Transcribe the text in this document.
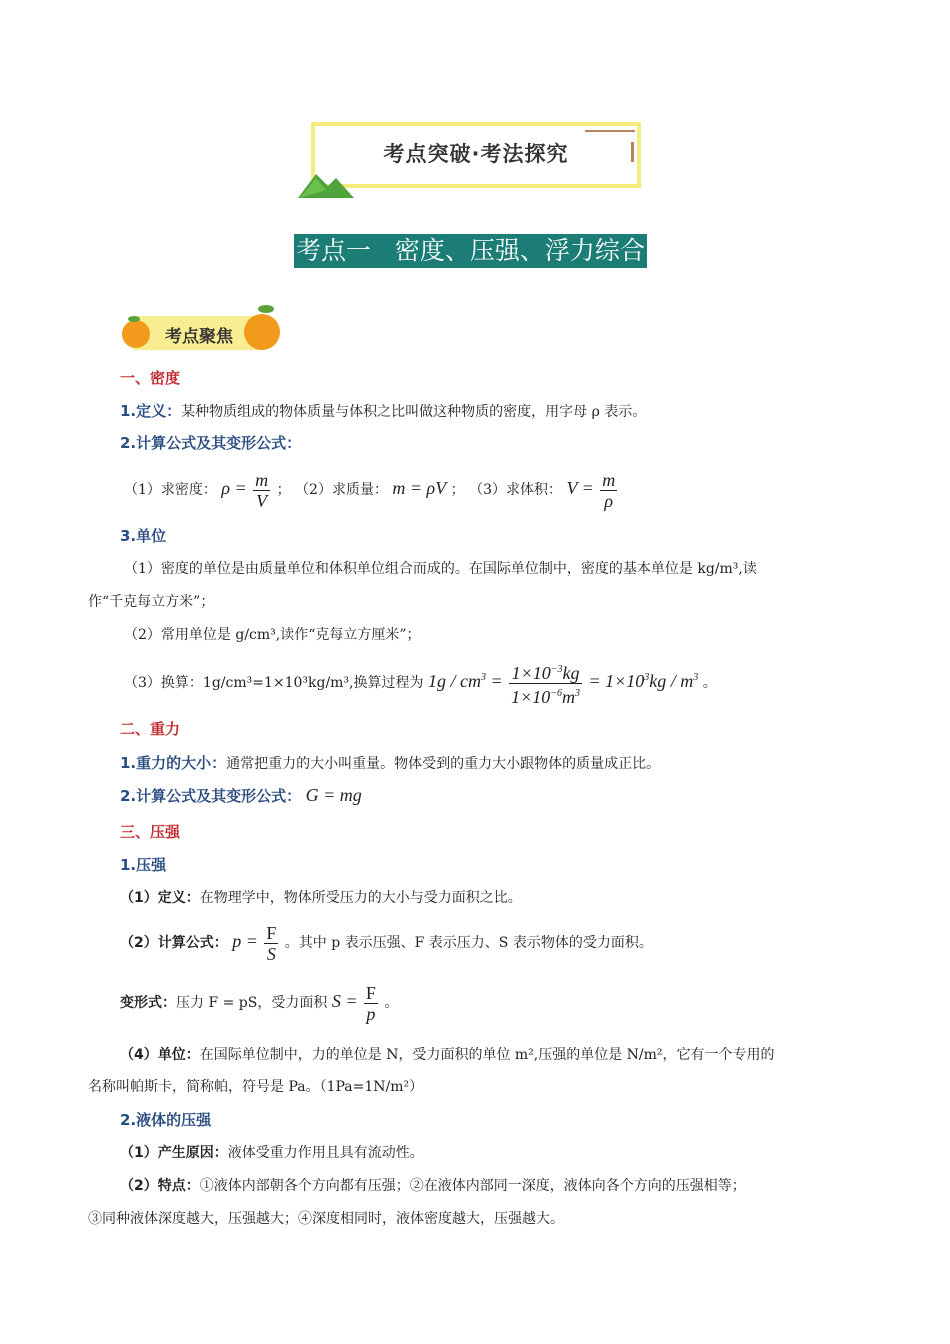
考点突破·考法探究
考点一   密度、压强、浮力综合
考点聚焦
一、密度
1.定义：某种物质组成的物体质量与体积之比叫做这种物质的密度，用字母 ρ 表示。
2.计算公式及其变形公式：
（1）求密度： $\rho = \frac{m}{V}$ ； （2）求质量： m = ρV ； （3）求体积： $V = \frac{m}{\rho}$
3.单位
（1）密度的单位是由质量单位和体积单位组合而成的。在国际单位制中，密度的基本单位是 kg/m³,读
作“千克每立方米”；
（2）常用单位是 g/cm³,读作“克每立方厘米”；
（3）换算：1g/cm³=1×10³kg/m³,换算过程为 $1g / cm^3 = \frac{1\times 10^{-3}kg}{1\times 10^{-6}m^3} = 1\times 10^3kg / m^3$ 。
二、重力
1.重力的大小：通常把重力的大小叫重量。物体受到的重力大小跟物体的质量成正比。
2.计算公式及其变形公式： G = mg
三、压强
1.压强
（1）定义：在物理学中，物体所受压力的大小与受力面积之比。
（2）计算公式： $p = \frac{F}{S}$ 。其中 p 表示压强、F 表示压力、S 表示物体的受力面积。
变形式：压力 F = pS，受力面积 $S = \frac{F}{p}$ 。
（4）单位：在国际单位制中，力的单位是 N，受力面积的单位 m²,压强的单位是 N/m²，它有一个专用的
名称叫帕斯卡，简称帕，符号是 Pa。（1Pa=1N/m²）
2.液体的压强
（1）产生原因：液体受重力作用且具有流动性。
（2）特点：①液体内部朝各个方向都有压强；②在液体内部同一深度，液体向各个方向的压强相等；
③同种液体深度越大，压强越大；④深度相同时，液体密度越大，压强越大。
